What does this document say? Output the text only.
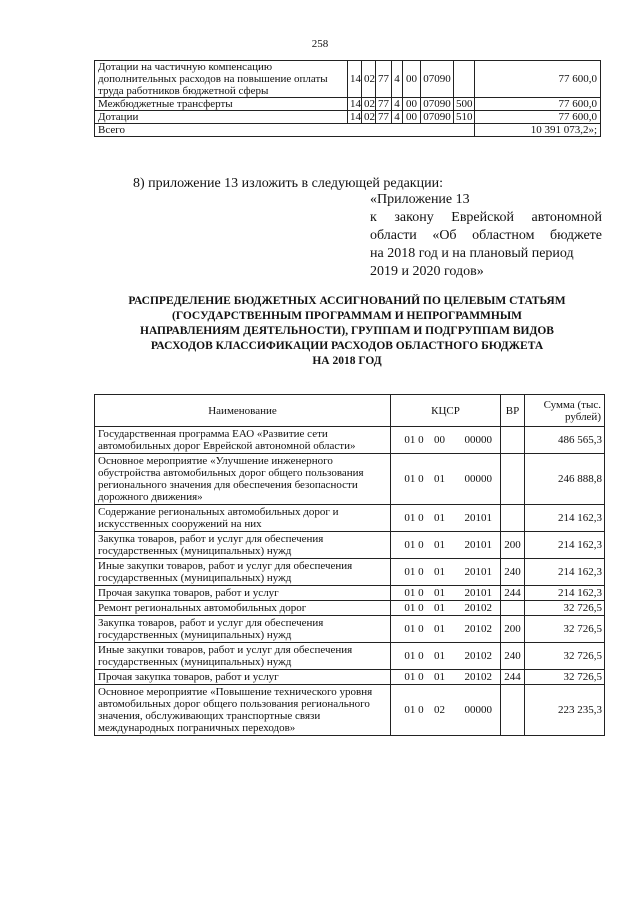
258
Дотации на частичную компенсацию дополнительных расходов на повышение оплаты труда работников бюджетной сферы	14	02	77	4	00	07090		77 600,0
Межбюджетные трансферты	14	02	77	4	00	07090	500	77 600,0
Дотации	14	02	77	4	00	07090	510	77 600,0
Всего								10 391 073,2»;
8) приложение 13 изложить в следующей редакции:
«Приложение 13
к закону Еврейской автономной
области «Об областном бюджете
на 2018 год и на плановый период
2019 и 2020 годов»
РАСПРЕДЕЛЕНИЕ БЮДЖЕТНЫХ АССИГНОВАНИЙ ПО ЦЕЛЕВЫМ СТАТЬЯМ
(ГОСУДАРСТВЕННЫМ ПРОГРАММАМ И НЕПРОГРАММНЫМ
НАПРАВЛЕНИЯМ ДЕЯТЕЛЬНОСТИ), ГРУППАМ И ПОДГРУППАМ ВИДОВ
РАСХОДОВ КЛАССИФИКАЦИИ РАСХОДОВ ОБЛАСТНОГО БЮДЖЕТА
НА 2018 ГОД
Наименование	КЦСР	ВР	Сумма (тыс. рублей)
Государственная программа ЕАО «Развитие сети автомобильных дорог Еврейской автономной области»	01 0 00 00000		486 565,3
Основное мероприятие «Улучшение инженерного обустройства автомобильных дорог общего пользования регионального значения для обеспечения безопасности дорожного движения»	01 0 01 00000		246 888,8
Содержание региональных автомобильных дорог и искусственных сооружений на них	01 0 01 20101		214 162,3
Закупка товаров, работ и услуг для обеспечения государственных (муниципальных) нужд	01 0 01 20101	200	214 162,3
Иные закупки товаров, работ и услуг для обеспечения государственных (муниципальных) нужд	01 0 01 20101	240	214 162,3
Прочая закупка товаров, работ и услуг	01 0 01 20101	244	214 162,3
Ремонт региональных автомобильных дорог	01 0 01 20102		32 726,5
Закупка товаров, работ и услуг для обеспечения государственных (муниципальных) нужд	01 0 01 20102	200	32 726,5
Иные закупки товаров, работ и услуг для обеспечения государственных (муниципальных) нужд	01 0 01 20102	240	32 726,5
Прочая закупка товаров, работ и услуг	01 0 01 20102	244	32 726,5
Основное мероприятие «Повышение технического уровня автомобильных дорог общего пользования регионального значения, обслуживающих транспортные связи международных пограничных переходов»	01 0 02 00000		223 235,3
